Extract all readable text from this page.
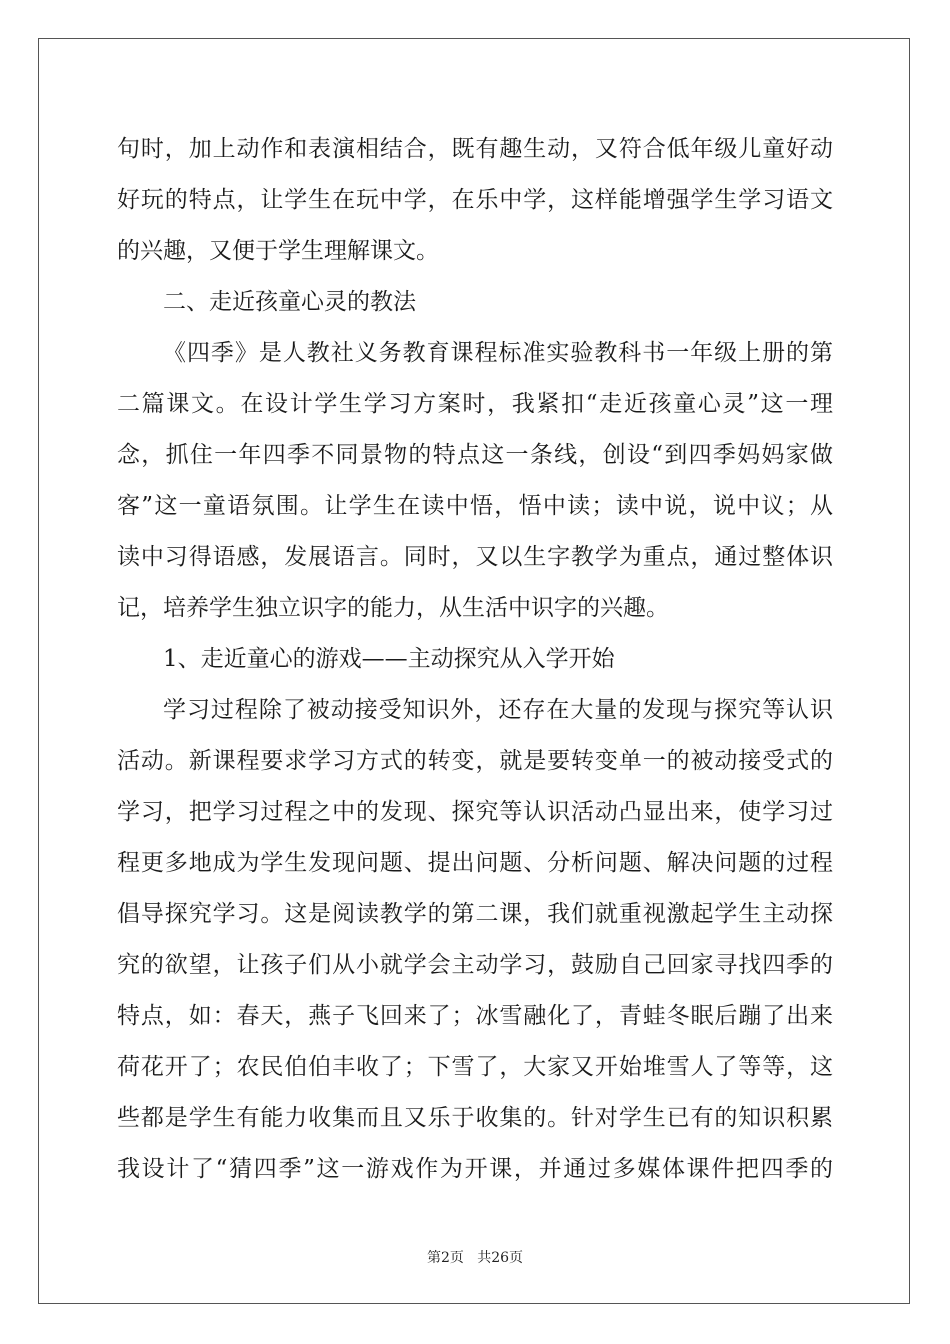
句时，加上动作和表演相结合，既有趣生动，又符合低年级儿童好动
好玩的特点，让学生在玩中学，在乐中学，这样能增强学生学习语文
的兴趣，又便于学生理解课文。
二、走近孩童心灵的教法
《四季》是人教社义务教育课程标准实验教科书一年级上册的第
二篇课文。在设计学生学习方案时，我紧扣“走近孩童心灵”这一理
念，抓住一年四季不同景物的特点这一条线，创设“到四季妈妈家做
客”这一童语氛围。让学生在读中悟，悟中读；读中说，说中议；从
读中习得语感，发展语言。同时，又以生字教学为重点，通过整体识
记，培养学生独立识字的能力，从生活中识字的兴趣。
1、走近童心的游戏——主动探究从入学开始
学习过程除了被动接受知识外，还存在大量的发现与探究等认识
活动。新课程要求学习方式的转变，就是要转变单一的被动接受式的
学习，把学习过程之中的发现、探究等认识活动凸显出来，使学习过
程更多地成为学生发现问题、提出问题、分析问题、解决问题的过程
倡导探究学习。这是阅读教学的第二课，我们就重视激起学生主动探
究的欲望，让孩子们从小就学会主动学习，鼓励自己回家寻找四季的
特点，如：春天，燕子飞回来了；冰雪融化了，青蛙冬眠后蹦了出来
荷花开了；农民伯伯丰收了；下雪了，大家又开始堆雪人了等等，这
些都是学生有能力收集而且又乐于收集的。针对学生已有的知识积累
我设计了“猜四季”这一游戏作为开课，并通过多媒体课件把四季的
第2页   共26页
